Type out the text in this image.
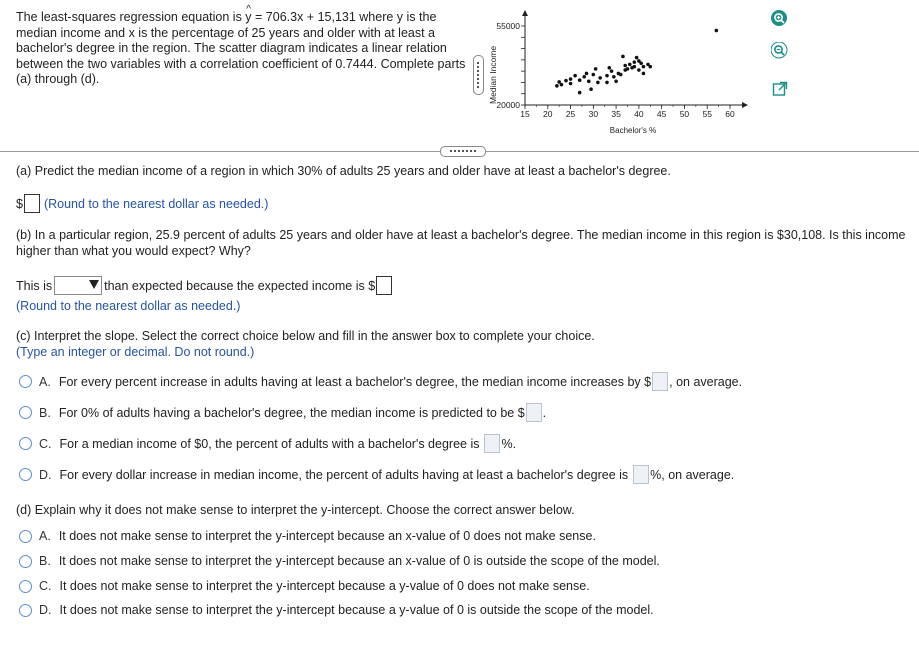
The least-squares regression equation is ^ y = 706.3x + 15,131 where y is the median income and x is the percentage of 25 years and older with at least a bachelor's degree in the region. The scatter diagram indicates a linear relation between the two variables with a correlation coefficient of 0.7444. Complete parts (a) through (d).
20000
55000
15 20 25 30 35 40 45 50 55 60
Median Income
Bachelor's %
(a) Predict the median income of a region in which 30% of adults 25 years and older have at least a bachelor's degree.
$ (Round to the nearest dollar as needed.)
(b) In a particular region, 25.9 percent of adults 25 years and older have at least a bachelor's degree. The median income in this region is $30,108. Is this income higher than what you would expect? Why?
This is	than expected because the expected income is $
(Round to the nearest dollar as needed.)
(c) Interpret the slope. Select the correct choice below and fill in the answer box to complete your choice.
(Type an integer or decimal. Do not round.)
A. For every percent increase in adults having at least a bachelor's degree, the median income increases by $ , on average.
B. For 0% of adults having a bachelor's degree, the median income is predicted to be $ .
C. For a median income of $0, the percent of adults with a bachelor's degree is %.
D. For every dollar increase in median income, the percent of adults having at least a bachelor's degree is %, on average.
(d) Explain why it does not make sense to interpret the y-intercept. Choose the correct answer below.
A. It does not make sense to interpret the y-intercept because an x-value of 0 does not make sense.
B. It does not make sense to interpret the y-intercept because an x-value of 0 is outside the scope of the model.
C. It does not make sense to interpret the y-intercept because a y-value of 0 does not make sense.
D. It does not make sense to interpret the y-intercept because a y-value of 0 is outside the scope of the model.
